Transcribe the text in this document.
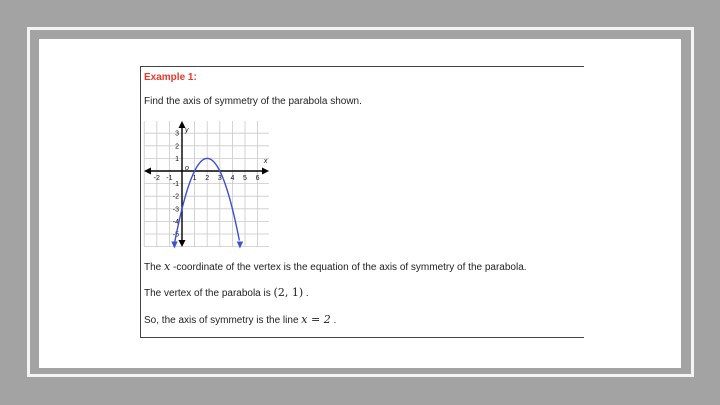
Example 1:
Find the axis of symmetry of the parabola shown.
-2 -1	1 2 3 4 5 6
3
2
1
-1
-2
-3
-4
-5
x
y
o
The x -coordinate of the vertex is the equation of the axis of symmetry of the parabola.
The vertex of the parabola is (2, 1) .
So, the axis of symmetry is the line x = 2 .
